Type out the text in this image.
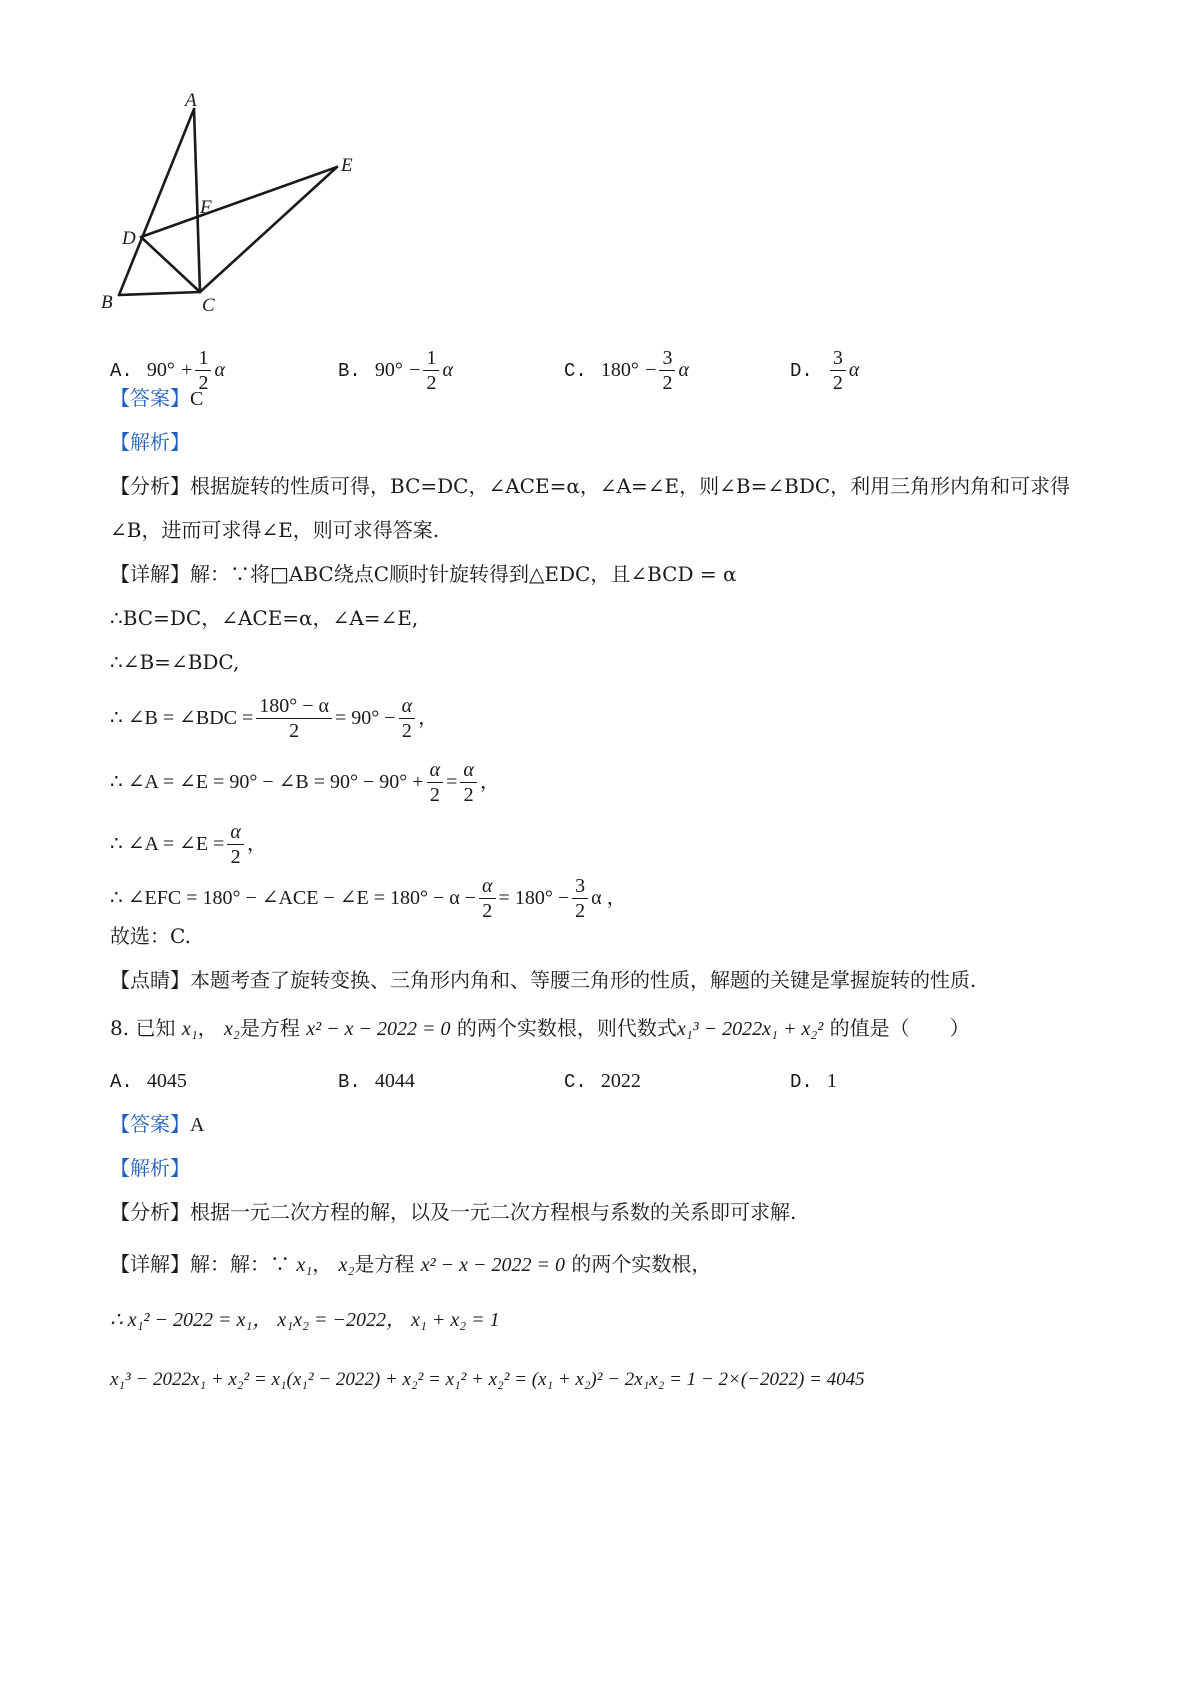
A
E
F
D
B	C
A. $90^\circ + \frac{1}{2}$ α	B. $90^\circ - \frac{1}{2}$ α	C. $180^\circ - \frac{3}{2}$ α	D. $\frac{3}{2}$ α
【答案】C
【解析】
【分析】根据旋转的性质可得，BC=DC，∠ACE=α，∠A=∠E，则∠B=∠BDC，利用三角形内角和可求得
∠B，进而可求得∠E，则可求得答案.
【详解】解：∵将□ABC绕点C顺时针旋转得到△EDC，且∠BCD = α
∴BC=DC，∠ACE=α，∠A=∠E,
∴∠B=∠BDC,
∴ ∠B = ∠BDC = $\frac{180^\circ - \alpha}{2} = 90^\circ - \frac{\alpha}{2}$ ，
∴ ∠A = ∠E = 90° − ∠B = $90^\circ - 90^\circ + \frac{\alpha}{2} = \frac{\alpha}{2}$ ，
∴ ∠A = ∠E = $\frac{\alpha}{2}$ ，
∴ ∠EFC = 180° − ∠ACE − ∠E = $180^\circ - \alpha - \frac{\alpha}{2} = 180^\circ - \frac{3}{2}$ α ，
故选：C.
【点睛】本题考查了旋转变换、三角形内角和、等腰三角形的性质，解题的关键是掌握旋转的性质.
8. 已知 x₁， x₂是方程 x² − x − 2022 = 0 的两个实数根，则代数式x₁³ − 2022x₁ + x₂² 的值是（　　）
A. 4045	B. 4044	C. 2022	D. 1
【答案】A
【解析】
【分析】根据一元二次方程的解，以及一元二次方程根与系数的关系即可求解.
【详解】解：解：∵ x₁， x₂是方程 x² − x − 2022 = 0 的两个实数根，
∴ x₁² − 2022 = x₁， x₁x₂ = −2022， x₁ + x₂ = 1
x₁³ − 2022x₁ + x₂² = x₁(x₁² − 2022) + x₂² = x₁² + x₂² = (x₁ + x₂)² − 2x₁x₂ = 1 − 2×(−2022) = 4045
